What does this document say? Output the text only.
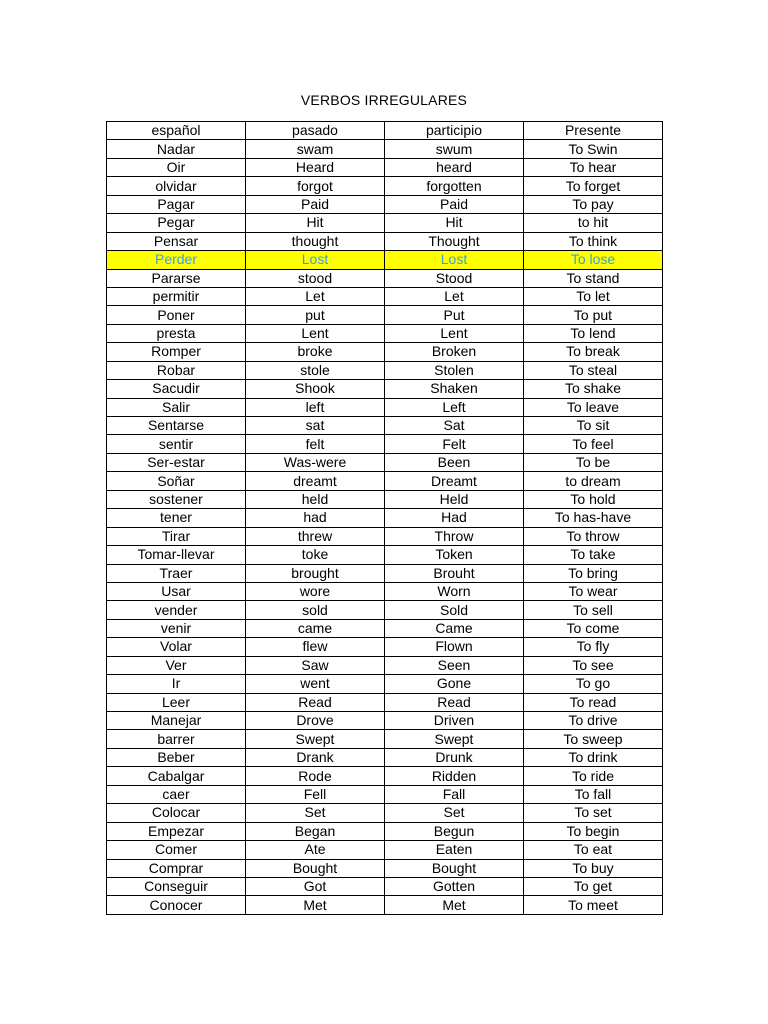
VERBOS IRREGULARES
español	pasado	participio	Presente
Nadar	swam	swum	To Swin
Oir	Heard	heard	To hear
olvidar	forgot	forgotten	To forget
Pagar	Paid	Paid	To pay
Pegar	Hit	Hit	to hit
Pensar	thought	Thought	To think
Perder	Lost	Lost	To lose
Pararse	stood	Stood	To stand
permitir	Let	Let	To let
Poner	put	Put	To put
presta	Lent	Lent	To lend
Romper	broke	Broken	To break
Robar	stole	Stolen	To steal
Sacudir	Shook	Shaken	To shake
Salir	left	Left	To leave
Sentarse	sat	Sat	To sit
sentir	felt	Felt	To feel
Ser-estar	Was-were	Been	To be
Soñar	dreamt	Dreamt	to dream
sostener	held	Held	To hold
tener	had	Had	To has-have
Tirar	threw	Throw	To throw
Tomar-llevar	toke	Token	To take
Traer	brought	Brouht	To bring
Usar	wore	Worn	To wear
vender	sold	Sold	To sell
venir	came	Came	To come
Volar	flew	Flown	To fly
Ver	Saw	Seen	To see
Ir	went	Gone	To go
Leer	Read	Read	To read
Manejar	Drove	Driven	To drive
barrer	Swept	Swept	To sweep
Beber	Drank	Drunk	To drink
Cabalgar	Rode	Ridden	To ride
caer	Fell	Fall	To fall
Colocar	Set	Set	To set
Empezar	Began	Begun	To begin
Comer	Ate	Eaten	To eat
Comprar	Bought	Bought	To buy
Conseguir	Got	Gotten	To get
Conocer	Met	Met	To meet
